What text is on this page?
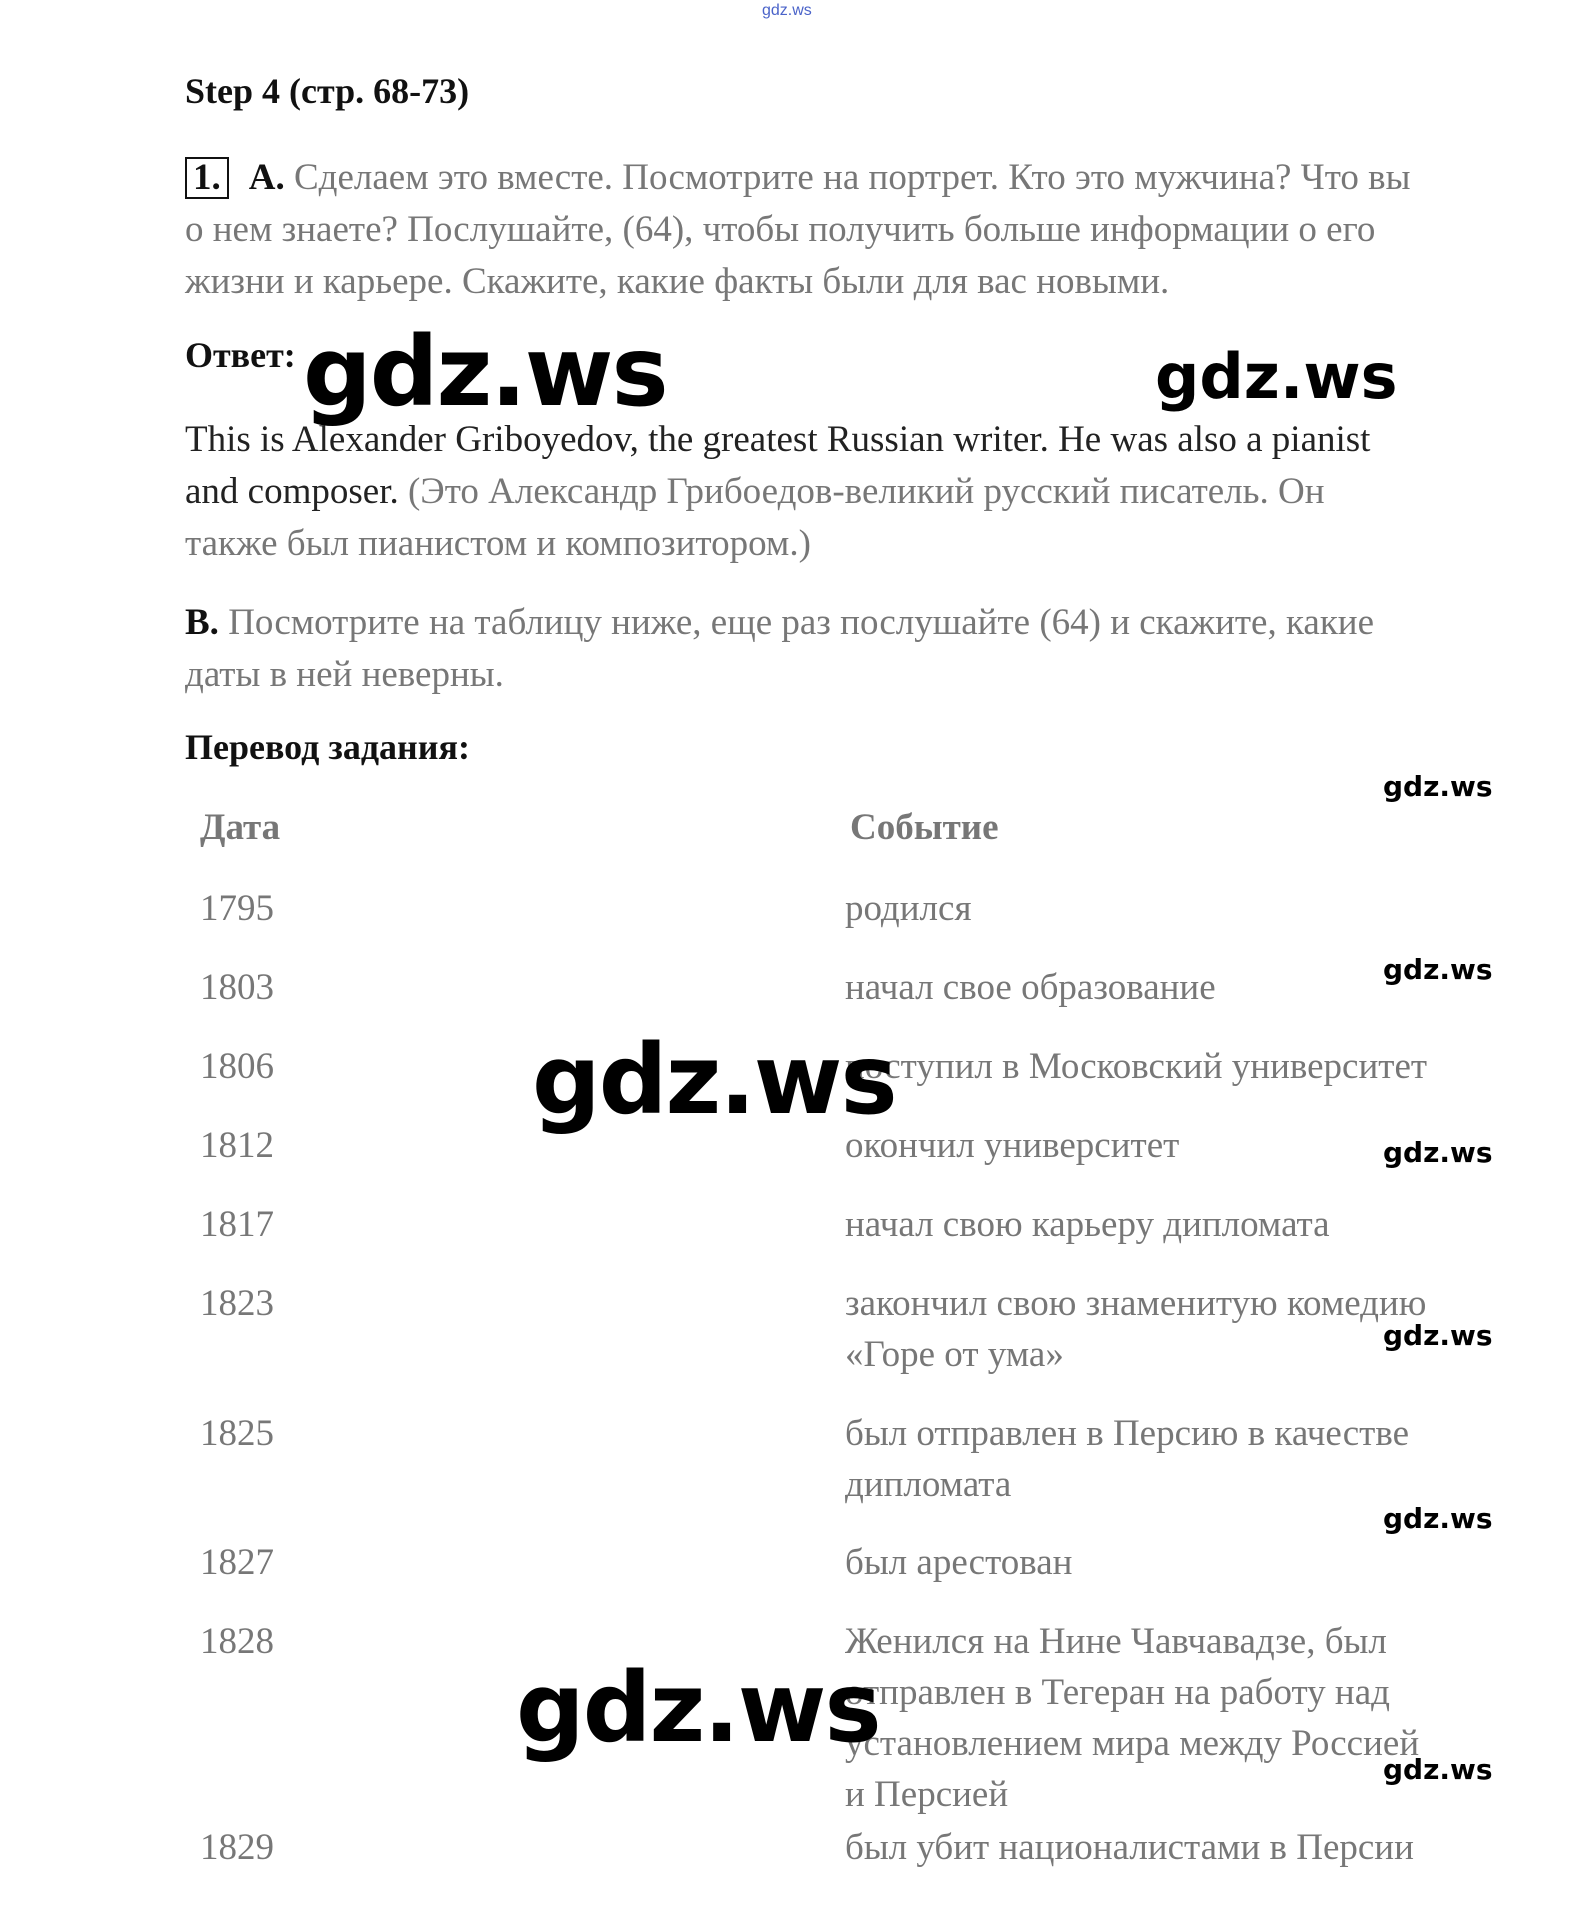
gdz.ws
Step 4 (стр. 68-73)
1. A. Сделаем это вместе. Посмотрите на портрет. Кто это мужчина? Что вы
о нем знаете? Послушайте, (64), чтобы получить больше информации о его
жизни и карьере. Скажите, какие факты были для вас новыми.
Ответ:
This is Alexander Griboyedov, the greatest Russian writer. He was also a pianist
and composer. (Это Александр Грибоедов-великий русский писатель. Он
также был пианистом и композитором.)
B. Посмотрите на таблицу ниже, еще раз послушайте (64) и скажите, какие
даты в ней неверны.
Перевод задания:
Дата	Событие
1795	родился
1803	начал свое образование
1806	поступил в Московский университет
1812	окончил университет
1817	начал свою карьеру дипломата
1823	закончил свою знаменитую комедию
«Горе от ума»
1825	был отправлен в Персию в качестве
дипломата
1827	был арестован
1828	Женился на Нине Чавчавадзе, был
отправлен в Тегеран на работу над
установлением мира между Россией
и Персией
1829	был убит националистами в Персии
gdz.ws	gdz.ws
gdz.ws
gdz.ws
gdz.ws
gdz.ws
gdz.ws
gdz.ws
gdz.ws
gdz.ws
